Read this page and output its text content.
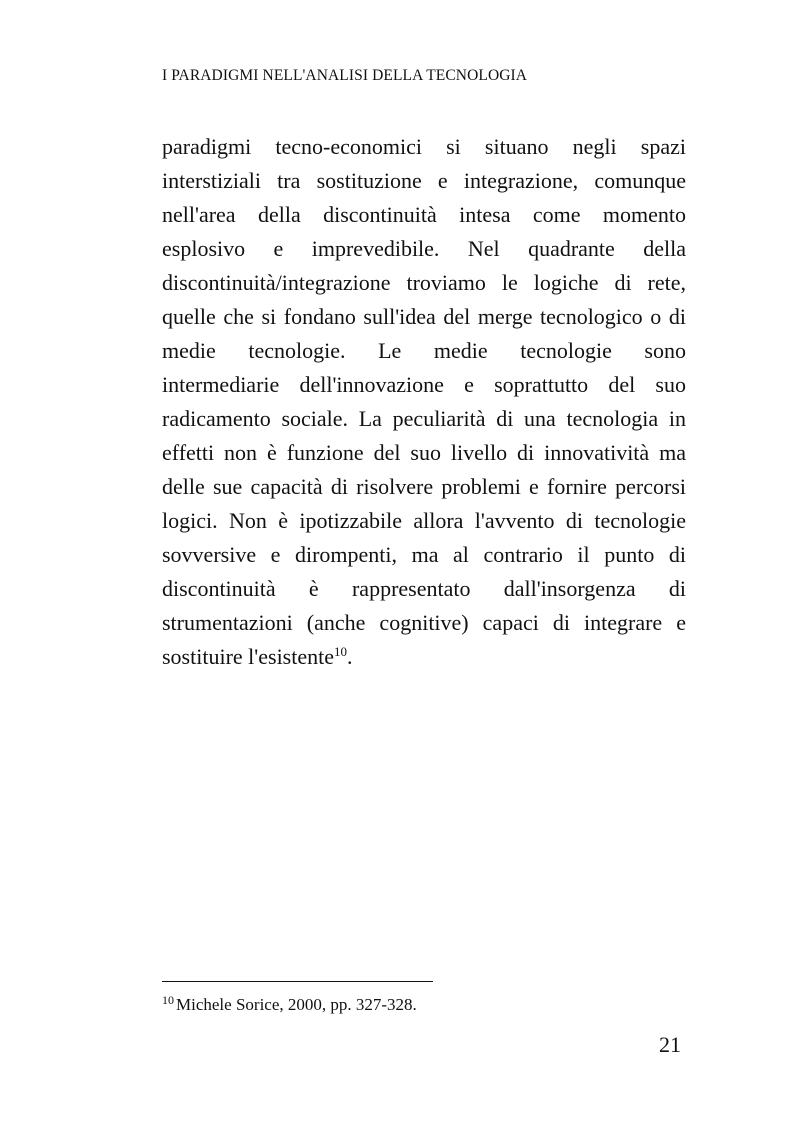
I PARADIGMI NELL'ANALISI DELLA TECNOLOGIA
paradigmi tecno-economici si situano negli spazi
interstiziali tra sostituzione e integrazione, comunque
nell'area della discontinuità intesa come momento
esplosivo e imprevedibile. Nel quadrante della
discontinuità/integrazione troviamo le logiche di rete,
quelle che si fondano sull'idea del merge tecnologico o di
medie tecnologie. Le medie tecnologie sono
intermediarie dell'innovazione e soprattutto del suo
radicamento sociale. La peculiarità di una tecnologia in
effetti non è funzione del suo livello di innovatività ma
delle sue capacità di risolvere problemi e fornire percorsi
logici. Non è ipotizzabile allora l'avvento di tecnologie
sovversive e dirompenti, ma al contrario il punto di
discontinuità è rappresentato dall'insorgenza di
strumentazioni (anche cognitive) capaci di integrare e
sostituire l'esistente$^{10}$.
$^{10}$ Michele Sorice, 2000, pp. 327-328.
21
